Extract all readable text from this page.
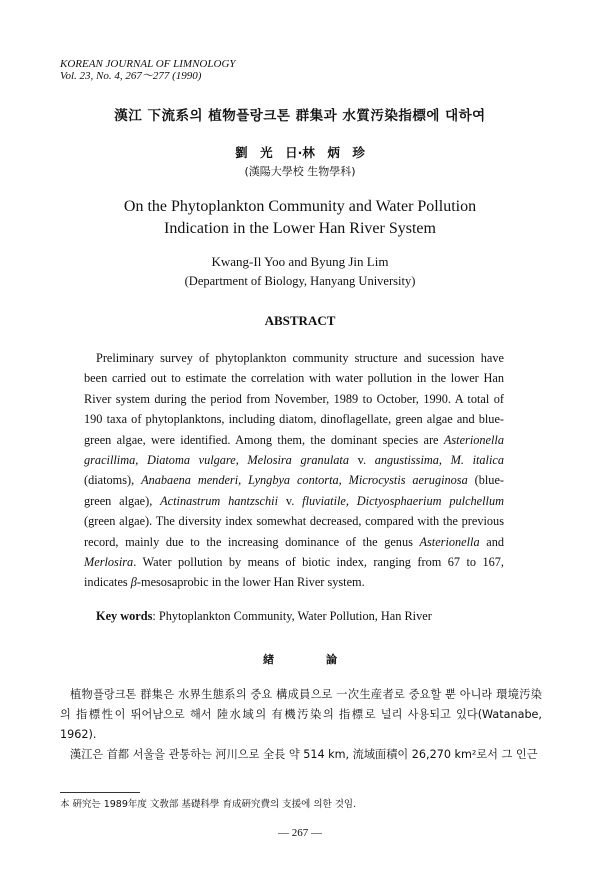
KOREAN JOURNAL OF LIMNOLOGY
Vol. 23, No. 4, 267～277 (1990)
漢江 下流系의 植物플랑크톤 群集과 水質汚染指標에 대하여
劉　光　日·林　炳　珍
(漢陽大學校 生物學科)
On the Phytoplankton Community and Water Pollution
Indication in the Lower Han River System
Kwang-Il Yoo and Byung Jin Lim
(Department of Biology, Hanyang University)
ABSTRACT

Preliminary survey of phytoplankton community structure and sucession have been carried out to estimate the correlation with water pollution in the lower Han River system during the period from November, 1989 to October, 1990. A total of 190 taxa of phytoplanktons, including diatom, dinoflagellate, green algae and blue-green algae, were identified. Among them, the dominant species are Asterionella gracillima, Diatoma vulgare, Melosira granulata v. angustissima, M. italica (diatoms), Anabaena menderi, Lyngbya contorta, Microcystis aeruginosa (blue-green algae), Actinastrum hantzschii v. fluviatile, Dictyosphaerium pulchellum (green algae). The diversity index somewhat decreased, compared with the previous record, mainly due to the increasing dominance of the genus Asterionella and Merlosira. Water pollution by means of biotic index, ranging from 67 to 167, indicates β-mesosaprobic in the lower Han River system.

Key words: Phytoplankton Community, Water Pollution, Han River
緖	論

植物플랑크톤 群集은 水界生態系의 중요 構成員으로 一次生産者로 중요할 뿐 아니라 環境汚染의 指標性이 뛰어남으로 해서 陸水域의 有機汚染의 指標로 널리 사용되고 있다(Watanabe, 1962).

漢江은 首都 서울을 관통하는 河川으로 全長 약 514 km, 流域面積이 26,270 km²로서 그 인근

本 硏究는 1989年度 文敎部 基礎科學 育成硏究費의 支援에 의한 것임.
— 267 —
